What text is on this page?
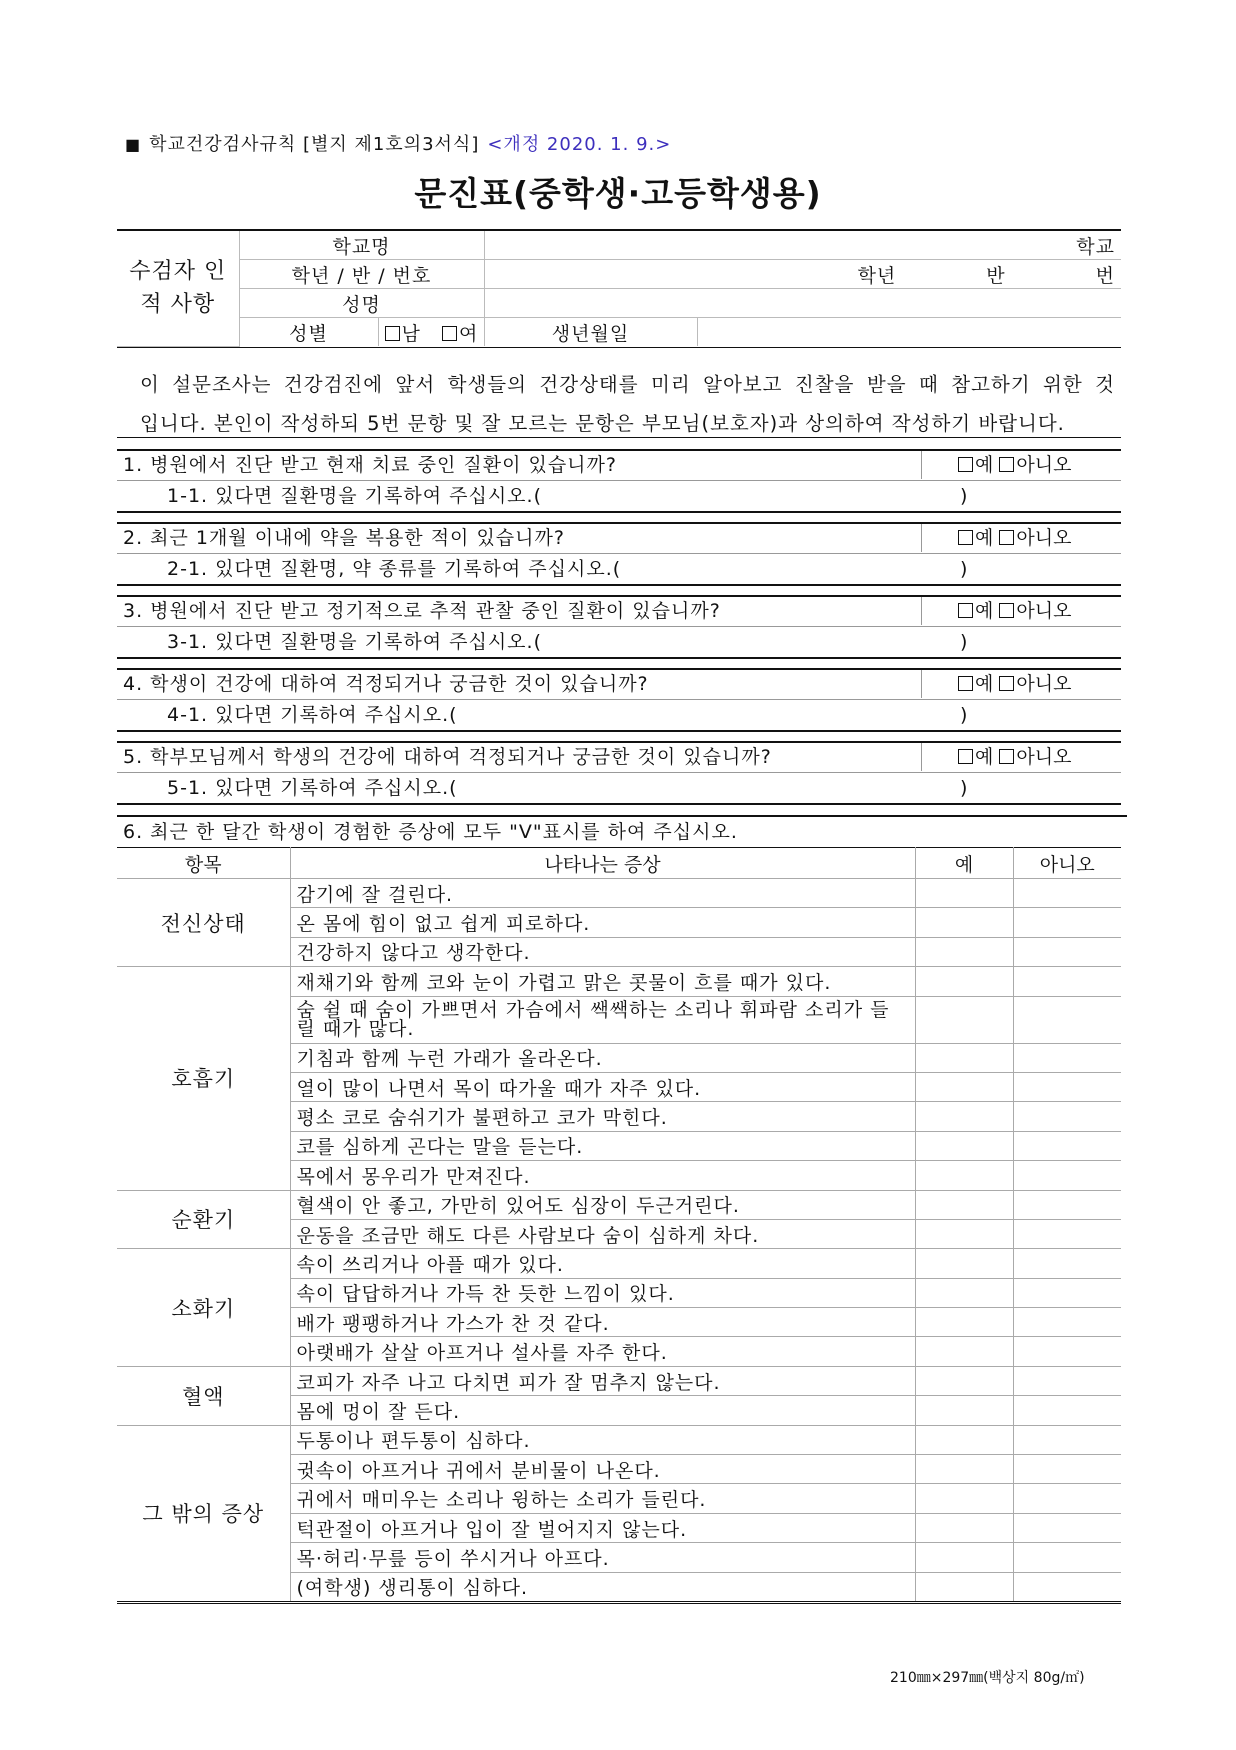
■ 학교건강검사규칙 [별지 제1호의3서식] <개정 2020. 1. 9.>
문진표(중학생·고등학생용)
수검자 인적 사항	학교명		학교	
	학년 / 반 / 번호		학년 반 번	
	성명			
	성별	남 여	생년월일	
이 설문조사는 건강검진에 앞서 학생들의 건강상태를 미리 알아보고 진찰을 받을 때 참고하기 위한 것
입니다. 본인이 작성하되 5번 문항 및 잘 모르는 문항은 부모님(보호자)과 상의하여 작성하기 바랍니다.
1. 병원에서 진단 받고 현재 치료 중인 질환이 있습니까?	예 아니오
1-1. 있다면 질환명을 기록하여 주십시오.(	)
2. 최근 1개월 이내에 약을 복용한 적이 있습니까?	예 아니오
2-1. 있다면 질환명, 약 종류를 기록하여 주십시오.(	)
3. 병원에서 진단 받고 정기적으로 추적 관찰 중인 질환이 있습니까?	예 아니오
3-1. 있다면 질환명을 기록하여 주십시오.(	)
4. 학생이 건강에 대하여 걱정되거나 궁금한 것이 있습니까?	예 아니오
4-1. 있다면 기록하여 주십시오.(	)
5. 학부모님께서 학생의 건강에 대하여 걱정되거나 궁금한 것이 있습니까?	예 아니오
5-1. 있다면 기록하여 주십시오.(	)
6. 최근 한 달간 학생이 경험한 증상에 모두 "V"표시를 하여 주십시오.
항목	나타나는 증상	예	아니오
전신상태	감기에 잘 걸린다.		
	온 몸에 힘이 없고 쉽게 피로하다.		
	건강하지 않다고 생각한다.		
호흡기	재채기와 함께 코와 눈이 가렵고 맑은 콧물이 흐를 때가 있다.		
	숨 쉴 때 숨이 가쁘면서 가슴에서 쌕쌕하는 소리나 휘파람 소리가 들릴 때가 많다.		
	기침과 함께 누런 가래가 올라온다.		
	열이 많이 나면서 목이 따가울 때가 자주 있다.		
	평소 코로 숨쉬기가 불편하고 코가 막힌다.		
	코를 심하게 곤다는 말을 듣는다.		
	목에서 몽우리가 만져진다.		
순환기	혈색이 안 좋고, 가만히 있어도 심장이 두근거린다.		
	운동을 조금만 해도 다른 사람보다 숨이 심하게 차다.		
소화기	속이 쓰리거나 아플 때가 있다.		
	속이 답답하거나 가득 찬 듯한 느낌이 있다.		
	배가 팽팽하거나 가스가 찬 것 같다.		
	아랫배가 살살 아프거나 설사를 자주 한다.		
혈액	코피가 자주 나고 다치면 피가 잘 멈추지 않는다.		
	몸에 멍이 잘 든다.		
그 밖의 증상	두통이나 편두통이 심하다.		
	귓속이 아프거나 귀에서 분비물이 나온다.		
	귀에서 매미우는 소리나 윙하는 소리가 들린다.		
	턱관절이 아프거나 입이 잘 벌어지지 않는다.		
	목·허리·무릎 등이 쑤시거나 아프다.		
	(여학생) 생리통이 심하다.		
210㎜×297㎜(백상지 80g/㎡)
